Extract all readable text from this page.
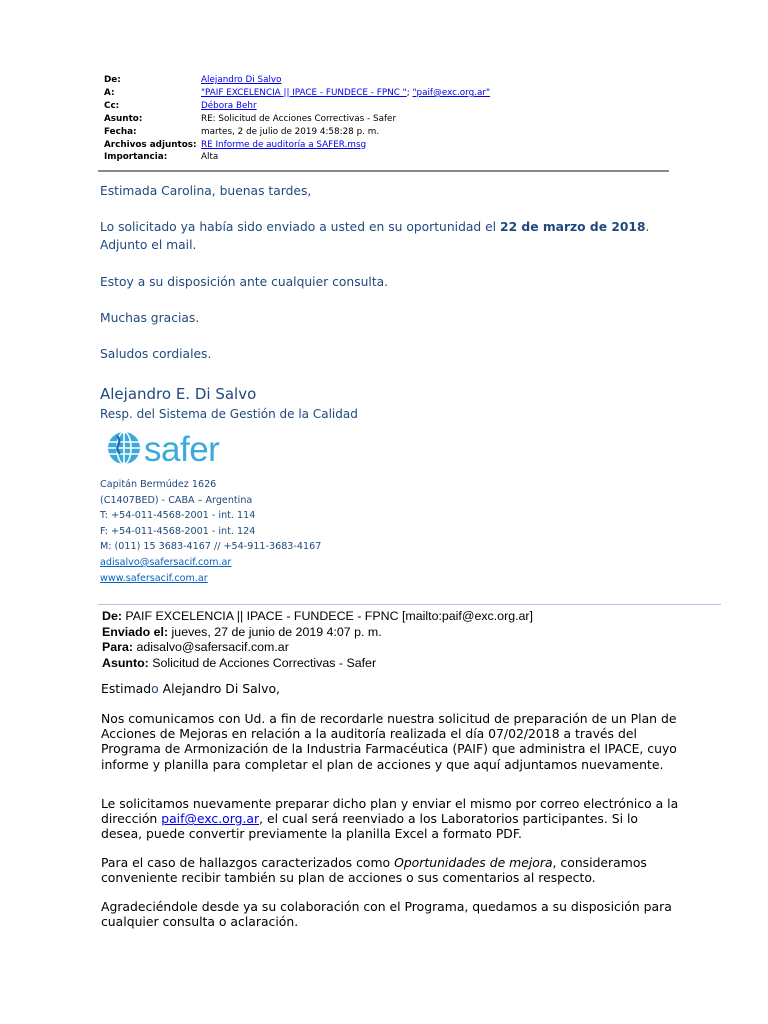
De:	Alejandro Di Salvo
A:	"PAIF EXCELENCIA || IPACE - FUNDECE - FPNC "; "paif@exc.org.ar"
Cc:	Débora Behr
Asunto:	RE: Solicitud de Acciones Correctivas - Safer
Fecha:	martes, 2 de julio de 2019 4:58:28 p. m.
Archivos adjuntos: RE Informe de auditoría a SAFER.msg
Importancia:	Alta

Estimada Carolina, buenas tardes,

Lo solicitado ya había sido enviado a usted en su oportunidad el 22 de marzo de 2018. Adjunto el mail.

Estoy a su disposición ante cualquier consulta.

Muchas gracias.

Saludos cordiales.

Alejandro E. Di Salvo
Resp. del Sistema de Gestión de la Calidad
safer
Capitán Bermúdez 1626
(C1407BED) - CABA – Argentina
T: +54-011-4568-2001 - int. 114
F: +54-011-4568-2001 - int. 124
M: (011) 15 3683-4167 // +54-911-3683-4167
adisalvo@safersacif.com.ar
www.safersacif.com.ar
De: PAIF EXCELENCIA || IPACE - FUNDECE - FPNC [mailto:paif@exc.org.ar]
Enviado el: jueves, 27 de junio de 2019 4:07 p. m.
Para: adisalvo@safersacif.com.ar
Asunto: Solicitud de Acciones Correctivas - Safer

Estimado Alejandro Di Salvo,

Nos comunicamos con Ud. a fin de recordarle nuestra solicitud de preparación de un Plan de Acciones de Mejoras en relación a la auditoría realizada el día 07/02/2018 a través del Programa de Armonización de la Industria Farmacéutica (PAIF) que administra el IPACE, cuyo informe y planilla para completar el plan de acciones y que aquí adjuntamos nuevamente.

Le solicitamos nuevamente preparar dicho plan y enviar el mismo por correo electrónico a la dirección paif@exc.org.ar, el cual será reenviado a los Laboratorios participantes. Si lo desea, puede convertir previamente la planilla Excel a formato PDF.

Para el caso de hallazgos caracterizados como Oportunidades de mejora, consideramos conveniente recibir también su plan de acciones o sus comentarios al respecto.

Agradeciéndole desde ya su colaboración con el Programa, quedamos a su disposición para cualquier consulta o aclaración.
